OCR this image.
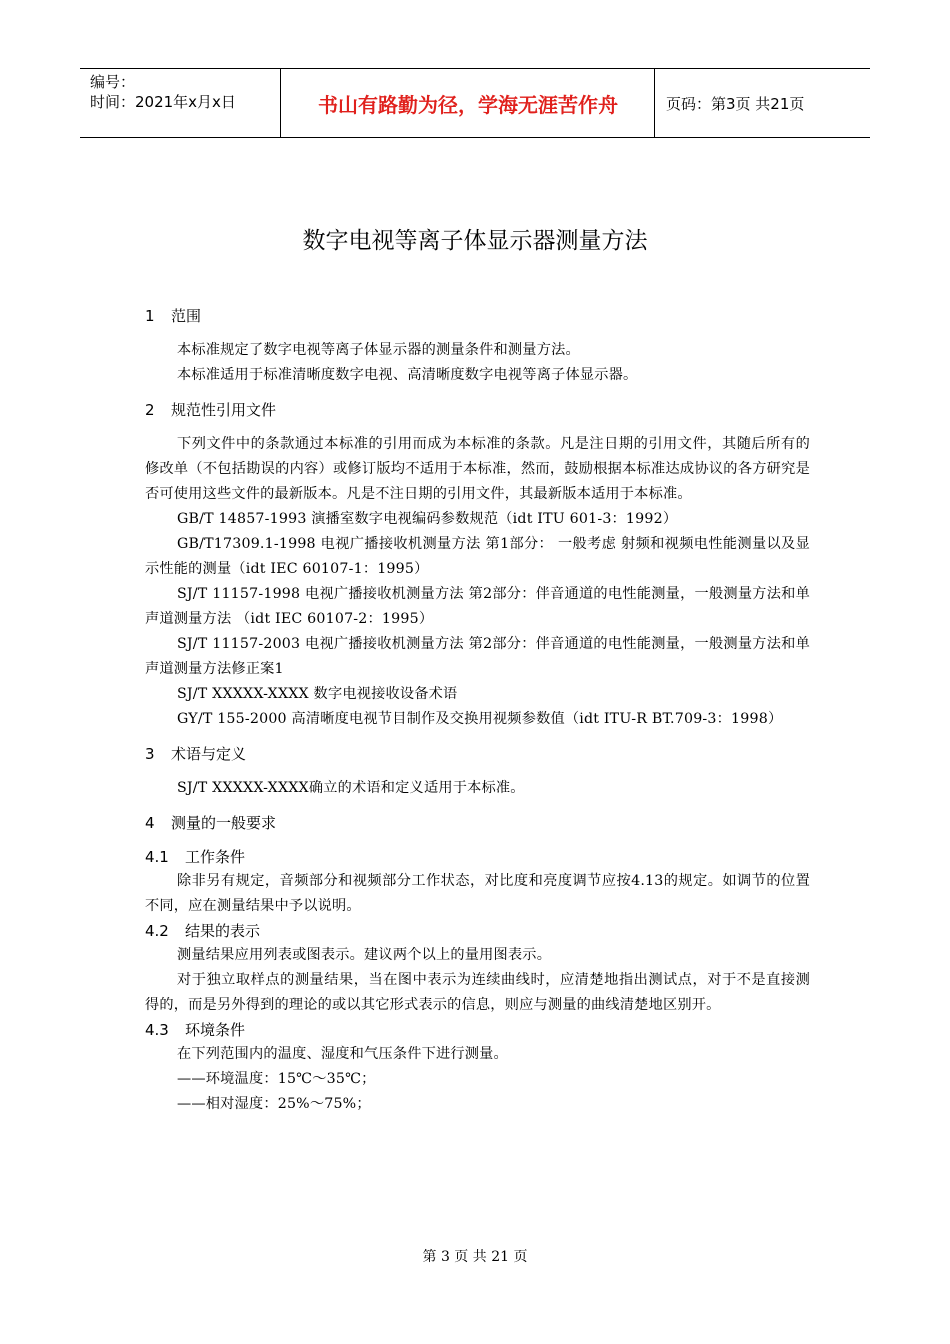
编号：
时间：2021年x月x日	书山有路勤为径，学海无涯苦作舟	页码：第3页 共21页
数字电视等离子体显示器测量方法

1 范围

本标准规定了数字电视等离子体显示器的测量条件和测量方法。

本标准适用于标准清晰度数字电视、高清晰度数字电视等离子体显示器。

2 规范性引用文件

下列文件中的条款通过本标准的引用而成为本标准的条款。凡是注日期的引用文件，其随后所有的修改单（不包括勘误的内容）或修订版均不适用于本标准，然而，鼓励根据本标准达成协议的各方研究是否可使用这些文件的最新版本。凡是不注日期的引用文件，其最新版本适用于本标准。

GB/T 14857-1993 演播室数字电视编码参数规范（idt ITU 601-3：1992）

GB/T17309.1-1998 电视广播接收机测量方法 第1部分： 一般考虑 射频和视频电性能测量以及显示性能的测量（idt IEC 60107-1：1995）

SJ/T 11157-1998 电视广播接收机测量方法 第2部分：伴音通道的电性能测量，一般测量方法和单声道测量方法 （idt IEC 60107-2：1995）

SJ/T 11157-2003 电视广播接收机测量方法 第2部分：伴音通道的电性能测量，一般测量方法和单声道测量方法修正案1

SJ/T XXXXX-XXXX 数字电视接收设备术语

GY/T 155-2000 高清晰度电视节目制作及交换用视频参数值（idt ITU-R BT.709-3：1998）

3 术语与定义

SJ/T XXXXX-XXXX确立的术语和定义适用于本标准。

4 测量的一般要求

4.1 工作条件

除非另有规定，音频部分和视频部分工作状态，对比度和亮度调节应按4.13的规定。如调节的位置不同，应在测量结果中予以说明。

4.2 结果的表示

测量结果应用列表或图表示。建议两个以上的量用图表示。

对于独立取样点的测量结果，当在图中表示为连续曲线时，应清楚地指出测试点，对于不是直接测得的，而是另外得到的理论的或以其它形式表示的信息，则应与测量的曲线清楚地区别开。

4.3 环境条件

在下列范围内的温度、湿度和气压条件下进行测量。

——环境温度：15℃～35℃；

——相对湿度：25%～75%；

第 3 页 共 21 页
